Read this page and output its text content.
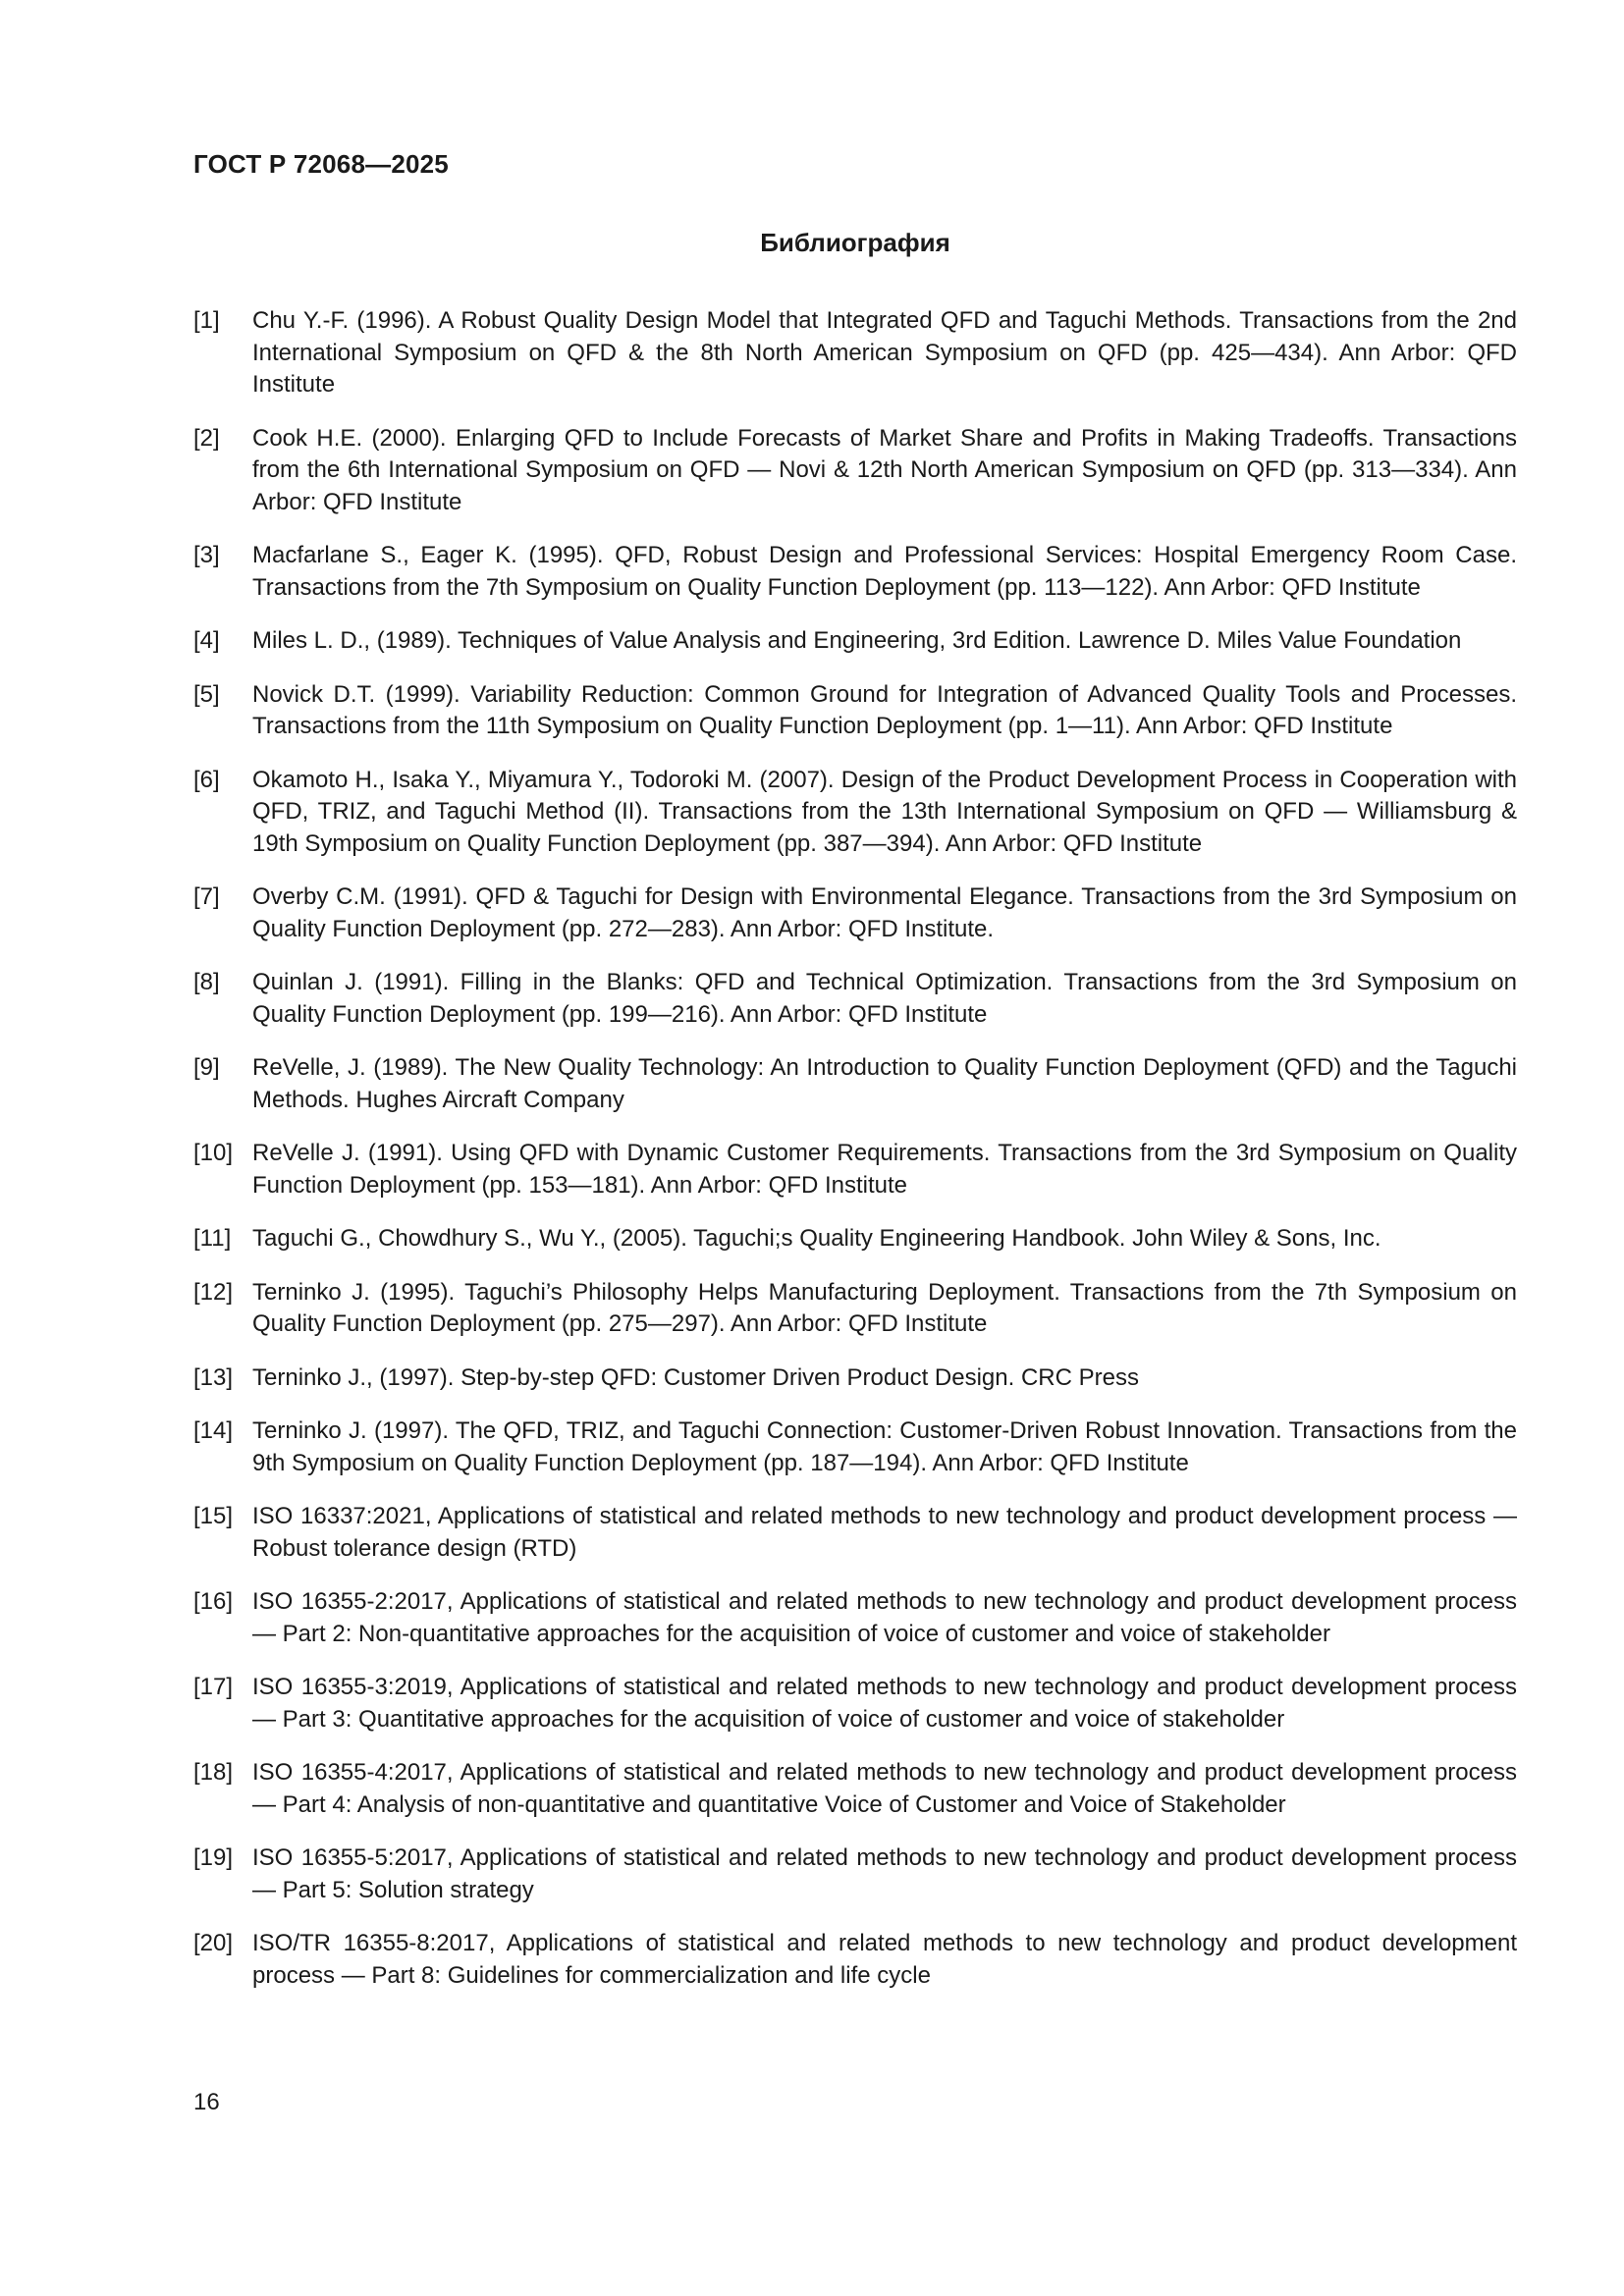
ГОСТ Р 72068—2025
Библиография
[1]	Chu Y.-F. (1996). A Robust Quality Design Model that Integrated QFD and Taguchi Methods. Transactions from the 2nd International Symposium on QFD & the 8th North American Symposium on QFD (pp. 425—434). Ann Arbor: QFD Institute
[2]	Cook H.E. (2000). Enlarging QFD to Include Forecasts of Market Share and Profits in Making Tradeoffs. Transactions from the 6th International Symposium on QFD — Novi & 12th North American Symposium on QFD (pp. 313—334). Ann Arbor: QFD Institute
[3]	Macfarlane S., Eager K. (1995). QFD, Robust Design and Professional Services: Hospital Emergency Room Case. Transactions from the 7th Symposium on Quality Function Deployment (pp. 113—122). Ann Arbor: QFD Institute
[4]	Miles L. D., (1989). Techniques of Value Analysis and Engineering, 3rd Edition. Lawrence D. Miles Value Foundation
[5]	Novick D.T. (1999). Variability Reduction: Common Ground for Integration of Advanced Quality Tools and Processes. Transactions from the 11th Symposium on Quality Function Deployment (pp. 1—11). Ann Arbor: QFD Institute
[6]	Okamoto H., Isaka Y., Miyamura Y., Todoroki M. (2007). Design of the Product Development Process in Cooperation with QFD, TRIZ, and Taguchi Method (II). Transactions from the 13th International Symposium on QFD — Williamsburg & 19th Symposium on Quality Function Deployment (pp. 387—394). Ann Arbor: QFD Institute
[7]	Overby C.M. (1991). QFD & Taguchi for Design with Environmental Elegance. Transactions from the 3rd Symposium on Quality Function Deployment (pp. 272—283). Ann Arbor: QFD Institute.
[8]	Quinlan J. (1991). Filling in the Blanks: QFD and Technical Optimization. Transactions from the 3rd Symposium on Quality Function Deployment (pp. 199—216). Ann Arbor: QFD Institute
[9]	ReVelle, J. (1989). The New Quality Technology: An Introduction to Quality Function Deployment (QFD) and the Taguchi Methods. Hughes Aircraft Company
[10] ReVelle J. (1991). Using QFD with Dynamic Customer Requirements. Transactions from the 3rd Symposium on Quality Function Deployment (pp. 153—181). Ann Arbor: QFD Institute
[11] Taguchi G., Chowdhury S., Wu Y., (2005). Taguchi;s Quality Engineering Handbook. John Wiley & Sons, Inc.
[12] Terninko J. (1995). Taguchi’s Philosophy Helps Manufacturing Deployment. Transactions from the 7th Symposium on Quality Function Deployment (pp. 275—297). Ann Arbor: QFD Institute
[13] Terninko J., (1997). Step-by-step QFD: Customer Driven Product Design. CRC Press
[14] Terninko J. (1997). The QFD, TRIZ, and Taguchi Connection: Customer-Driven Robust Innovation. Transactions from the 9th Symposium on Quality Function Deployment (pp. 187—194). Ann Arbor: QFD Institute
[15] ISO 16337:2021, Applications of statistical and related methods to new technology and product development process — Robust tolerance design (RTD)
[16] ISO 16355-2:2017, Applications of statistical and related methods to new technology and product development process — Part 2: Non-quantitative approaches for the acquisition of voice of customer and voice of stakeholder
[17] ISO 16355-3:2019, Applications of statistical and related methods to new technology and product development process — Part 3: Quantitative approaches for the acquisition of voice of customer and voice of stakeholder
[18] ISO 16355-4:2017, Applications of statistical and related methods to new technology and product development process — Part 4: Analysis of non-quantitative and quantitative Voice of Customer and Voice of Stakeholder
[19] ISO 16355-5:2017, Applications of statistical and related methods to new technology and product development process — Part 5: Solution strategy
[20] ISO/TR 16355-8:2017, Applications of statistical and related methods to new technology and product development process — Part 8: Guidelines for commercialization and life cycle
16
